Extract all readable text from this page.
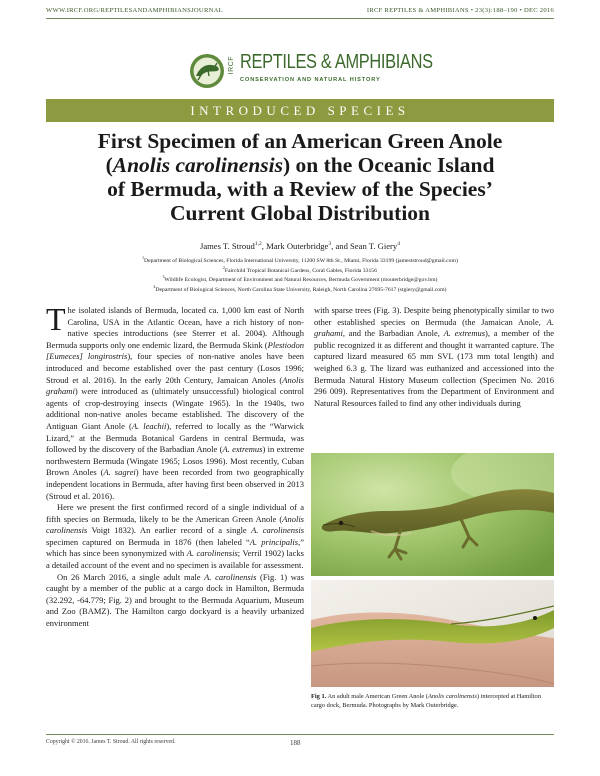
WWW.IRCF.ORG/REPTILESANDAMPHIBIANSJOURNAL	IRCF REPTILES & AMPHIBIANS • 23(3):188–190 • DEC 2016
IRCF REPTILES & AMPHIBIANS
CONSERVATION AND NATURAL HISTORY
INTRODUCED SPECIES
First Specimen of an American Green Anole
(Anolis carolinensis) on the Oceanic Island
of Bermuda, with a Review of the Species’
Current Global Distribution
James T. Stroud$^{1,2}$, Mark Outerbridge$^3$, and Sean T. Giery$^4$
$^1$Department of Biological Sciences, Florida International University, 11200 SW 8th St., Miami, Florida 33199 (jameststroud@gmail.com)
$^2$Fairchild Tropical Botanical Gardens, Coral Gables, Florida 33156
$^3$Wildlife Ecologist, Department of Environment and Natural Resources, Bermuda Government (mouterbridge@gov.bm)
$^4$Department of Biological Sciences, North Carolina State University, Raleigh, North Carolina 27695-7617 (stgiery@gmail.com)

The isolated islands of Bermuda, located ca. 1,000 km east of North Carolina, USA in the Atlantic Ocean, have a rich history of non-native species introductions (see Sterrer et al. 2004). Although Bermuda supports only one endemic lizard, the Bermuda Skink (Plestiodon [Eumeces] longirostris), four species of non-native anoles have been introduced and become established over the past century (Losos 1996; Stroud et al. 2016). In the early 20th Century, Jamaican Anoles (Anolis grahami) were introduced as (ultimately unsuccessful) biological control agents of crop-destroying insects (Wingate 1965). In the 1940s, two additional non-native anoles became established. The discovery of the Antiguan Giant Anole (A. leachii), referred to locally as the “Warwick Lizard,” at the Bermuda Botanical Gardens in central Bermuda, was followed by the discovery of the Barbadian Anole (A. extremus) in extreme northwestern Bermuda (Wingate 1965; Losos 1996). Most recently, Cuban Brown Anoles (A. sagrei) have been recorded from two geographically independent locations in Bermuda, after having first been observed in 2013 (Stroud et al. 2016).

Here we present the first confirmed record of a single individual of a fifth species on Bermuda, likely to be the American Green Anole (Anolis carolinensis Voigt 1832). An earlier record of a single A. carolinensis specimen captured on Bermuda in 1876 (then labeled “A. principalis,” which has since been synonymized with A. carolinensis; Verril 1902) lacks a detailed account of the event and no specimen is available for assessment.

On 26 March 2016, a single adult male A. carolinensis (Fig. 1) was caught by a member of the public at a cargo dock in Hamilton, Bermuda (32.292, -64.779; Fig. 2) and brought to the Bermuda Aquarium, Museum and Zoo (BAMZ). The Hamilton cargo dockyard is a heavily urbanized environment

with sparse trees (Fig. 3). Despite being phenotypically similar to two other established species on Bermuda (the Jamaican Anole, A. grahami, and the Barbadian Anole, A. extremus), a member of the public recognized it as different and thought it warranted capture. The captured lizard measured 65 mm SVL (173 mm total length) and weighed 6.3 g. The lizard was euthanized and accessioned into the Bermuda Natural History Museum collection (Specimen No. 2016 296 009). Representatives from the Department of Environment and Natural Resources failed to find any other individuals during

Fig 1. An adult male American Green Anole (Anolis carolinensis) intercepted at Hamilton cargo dock, Bermuda. Photographs by Mark Outerbridge.
Copyright © 2016. James T. Stroud. All rights reserved.	188
